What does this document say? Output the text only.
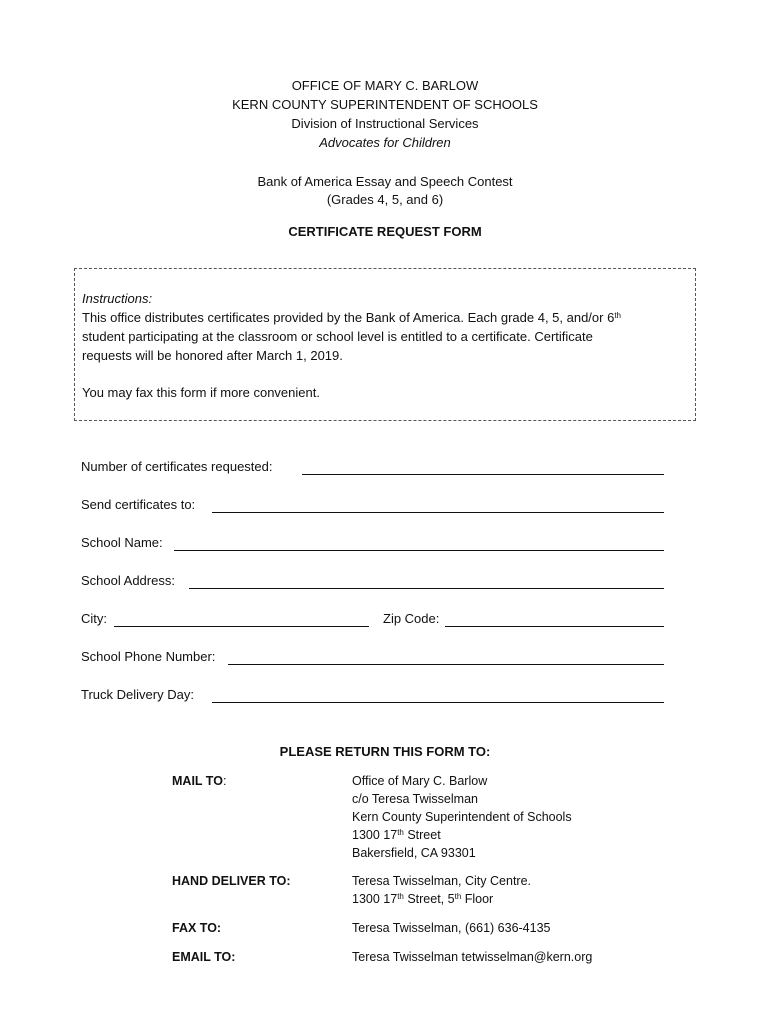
OFFICE OF MARY C. BARLOW
KERN COUNTY SUPERINTENDENT OF SCHOOLS
Division of Instructional Services
Advocates for Children
Bank of America Essay and Speech Contest
(Grades 4, 5, and 6)
CERTIFICATE REQUEST FORM
Instructions:
This office distributes certificates provided by the Bank of America. Each grade 4, 5, and/or 6th
student participating at the classroom or school level is entitled to a certificate. Certificate
requests will be honored after March 1, 2019.
You may fax this form if more convenient.
Number of certificates requested:
Send certificates to:
School Name:
School Address:
City:	Zip Code:
School Phone Number:
Truck Delivery Day:
PLEASE RETURN THIS FORM TO:
MAIL TO:	Office of Mary C. Barlow
c/o Teresa Twisselman
Kern County Superintendent of Schools
1300 17th Street
Bakersfield, CA 93301
HAND DELIVER TO:	Teresa Twisselman, City Centre.
1300 17th Street, 5th Floor
FAX TO:	Teresa Twisselman, (661) 636-4135
EMAIL TO:	Teresa Twisselman tetwisselman@kern.org
